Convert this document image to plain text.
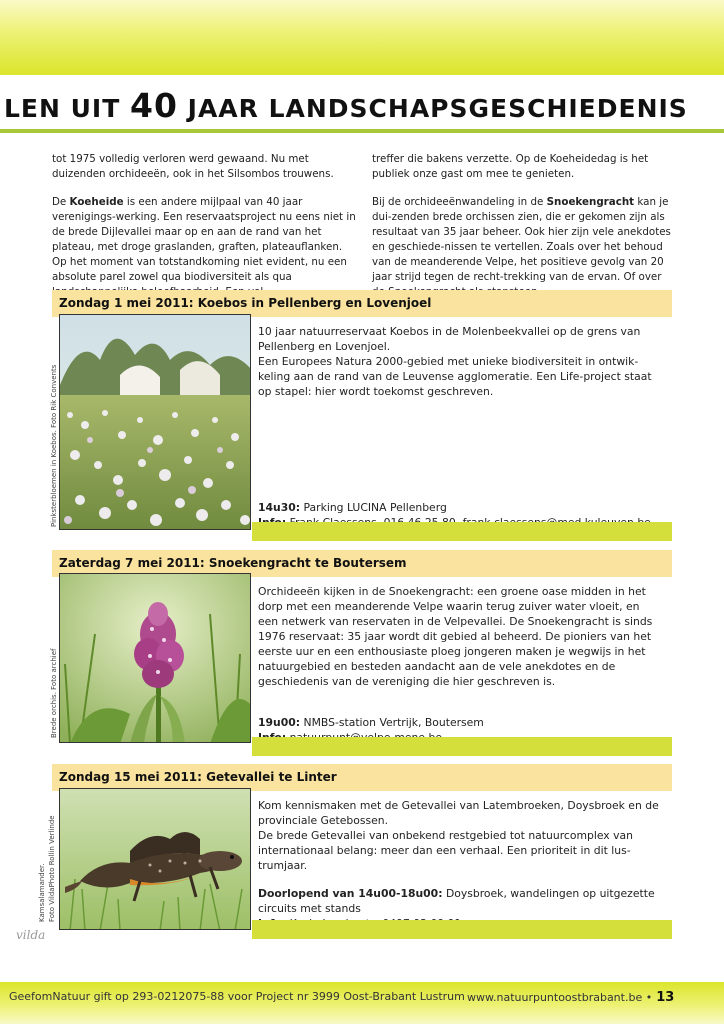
LEN UIT 40 JAAR LANDSCHAPSGESCHIEDENIS

tot 1975 volledig verloren werd gewaand. Nu met duizenden orchideeën, ook in het Silsombos trouwens.

De Koeheide is een andere mijlpaal van 40 jaar verenigings-werking. Een reservaatsproject nu eens niet in de brede Dijlevallei maar op en aan de rand van het plateau, met droge graslanden, graften, plateauflanken. Op het moment van totstandkoming niet evident, nu een absolute parel zowel qua biodiversiteit als qua

treffer die bakens verzette. Op de Koeheidedag is het publiek onze gast om mee te genieten.

Bij de orchideeënwandeling in de Snoekengracht kan je dui-zenden brede orchissen zien, die er gekomen zijn als resultaat van 35 jaar beheer. Ook hier zijn vele anekdotes en geschiede-nissen te vertellen. Zoals over het behoud van de meanderende Velpe, het positieve gevolg van 20 jaar strijd tegen de recht-trekking van de ervan. Of over

Zondag 1 mei 2011: Koebos in Pellenberg en Lovenjoel
Pinksterbloemen in Koebos. Foto Rik Convents
10 jaar natuurreservaat Koebos in de Molenbeekvallei op de grens van Pellenberg en Lovenjoel.
Een Europees Natura 2000-gebied met unieke biodiversiteit in ontwik-keling aan de rand van de Leuvense agglomeratie. Een Life-project staat op stapel: hier wordt toekomst geschreven.
14u30: Parking LUCINA Pellenberg
Zaterdag 7 mei 2011: Snoekengracht te Boutersem
Brede orchis. Foto archief
Orchideeën kijken in de Snoekengracht: een groene oase midden in het dorp met een meanderende Velpe waarin terug zuiver water vloeit, en een netwerk van reservaten in de Velpevallei. De Snoekengracht is sinds 1976 reservaat: 35 jaar wordt dit gebied al beheerd. De pioniers van het eerste uur en een enthousiaste ploeg jongeren maken je wegwijs in het natuurgebied en besteden aandacht aan de vele anekdotes en de geschiedenis van de vereniging die hier geschreven is.
19u00: NMBS-station Vertrijk, Boutersem
Zondag 15 mei 2011: Getevallei te Linter
Kamsalamander. Foto VildaPhoto Rollin Verlinde
Kom kennismaken met de Getevallei van Latembroeken, Doysbroek en de provinciale Getebossen.
De brede Getevallei van onbekend restgebied tot natuurcomplex van internationaal belang: meer dan een verhaal. Een prioriteit in dit lus-trumjaar.
Doorlopend van 14u00-18u00: Doysbroek, wandelingen op uitgezette circuits met stands
vilda
GeefomNatuur gift op 293-0212075-88 voor Project nr 3999 Oost-Brabant Lustrum www.natuurpuntoostbrabant.be • 13
